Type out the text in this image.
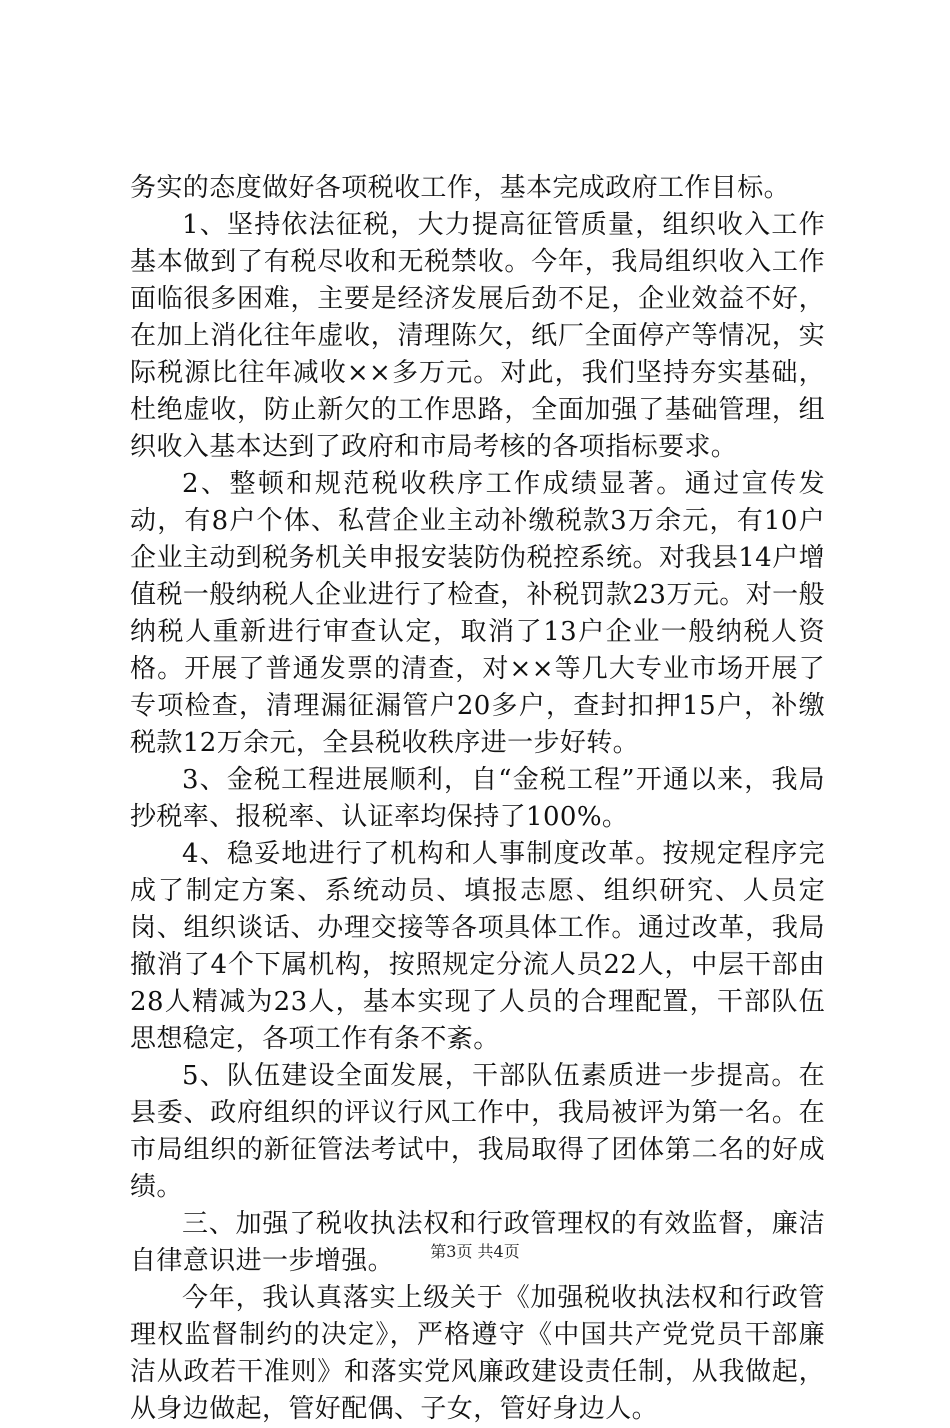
务实的态度做好各项税收工作，基本完成政府工作目标。

1、坚持依法征税，大力提高征管质量，组织收入工作基本做到了有税尽收和无税禁收。今年，我局组织收入工作面临很多困难，主要是经济发展后劲不足，企业效益不好，在加上消化往年虚收，清理陈欠，纸厂全面停产等情况，实际税源比往年减收××多万元。对此，我们坚持夯实基础，杜绝虚收，防止新欠的工作思路，全面加强了基础管理，组织收入基本达到了政府和市局考核的各项指标要求。

2、整顿和规范税收秩序工作成绩显著。通过宣传发动，有8户个体、私营企业主动补缴税款3万余元，有10户企业主动到税务机关申报安装防伪税控系统。对我县14户增值税一般纳税人企业进行了检查，补税罚款23万元。对一般纳税人重新进行审查认定，取消了13户企业一般纳税人资格。开展了普通发票的清查，对××等几大专业市场开展了专项检查，清理漏征漏管户20多户，查封扣押15户，补缴税款12万余元，全县税收秩序进一步好转。

3、金税工程进展顺利，自“金税工程”开通以来，我局抄税率、报税率、认证率均保持了100%。

4、稳妥地进行了机构和人事制度改革。按规定程序完成了制定方案、系统动员、填报志愿、组织研究、人员定岗、组织谈话、办理交接等各项具体工作。通过改革，我局撤消了4个下属机构，按照规定分流人员22人，中层干部由28人精减为23人，基本实现了人员的合理配置，干部队伍思想稳定，各项工作有条不紊。

5、队伍建设全面发展，干部队伍素质进一步提高。在县委、政府组织的评议行风工作中，我局被评为第一名。在市局组织的新征管法考试中，我局取得了团体第二名的好成绩。

三、加强了税收执法权和行政管理权的有效监督，廉洁自律意识进一步增强。

今年，我认真落实上级关于《加强税收执法权和行政管理权监督制约的决定》，严格遵守《中国共产党党员干部廉洁从政若干准则》和落实党风廉政建设责任制，从我做起，从身边做起，管好配偶、子女，管好身边人。

第3页 共4页
